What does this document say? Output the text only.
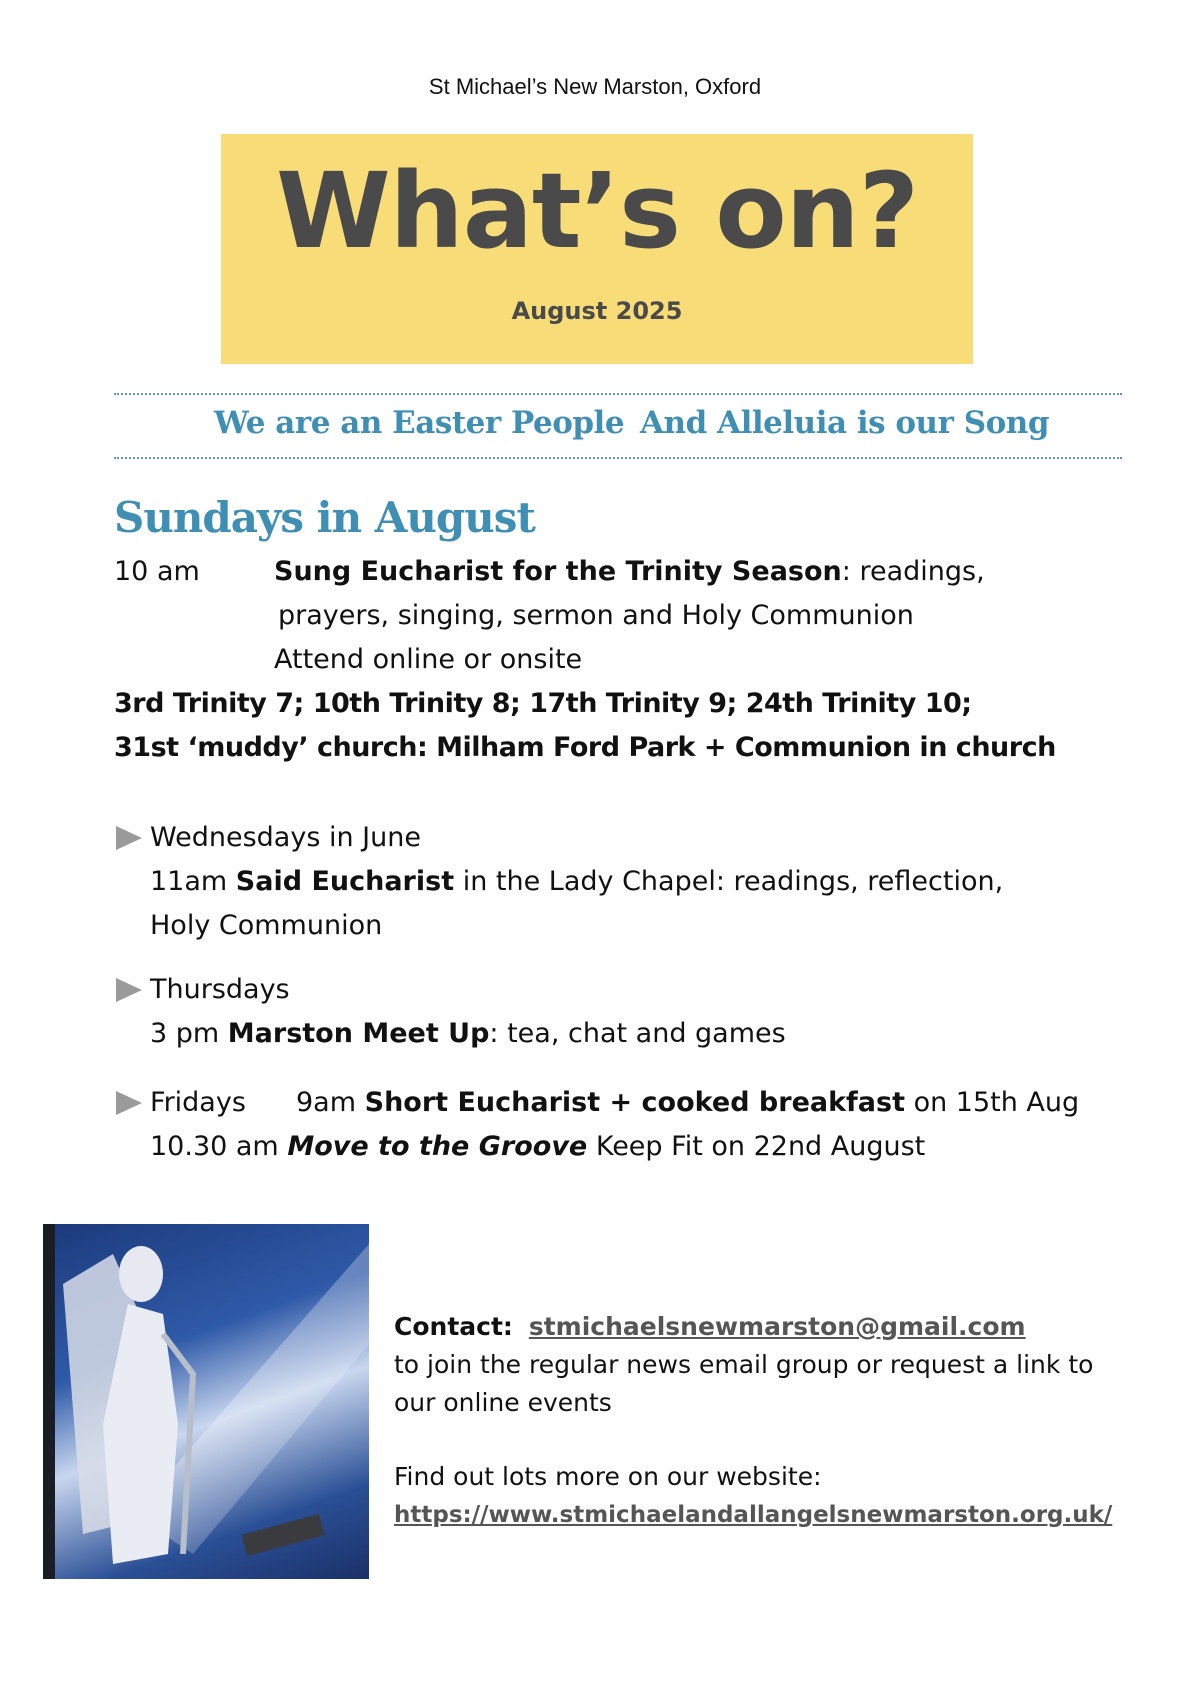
St Michael’s New Marston, Oxford
What’s on?
August 2025
We are an Easter People And Alleluia is our Song
Sundays in August
10 am	Sung Eucharist for the Trinity Season: readings,
prayers, singing, sermon and Holy Communion
Attend online or onsite
3rd Trinity 7; 10th Trinity 8; 17th Trinity 9; 24th Trinity 10;
31st ‘muddy’ church: Milham Ford Park + Communion in church
Wednesdays in June
11am Said Eucharist in the Lady Chapel: readings, reflection,
Holy Communion
Thursdays
3 pm Marston Meet Up: tea, chat and games
Fridays 9am Short Eucharist + cooked breakfast on 15th Aug
10.30 am Move to the Groove Keep Fit on 22nd August
Contact: stmichaelsnewmarston@gmail.com
to join the regular news email group or request a link to
our online events
Find out lots more on our website:
https://www.stmichaelandallangelsnewmarston.org.uk/
